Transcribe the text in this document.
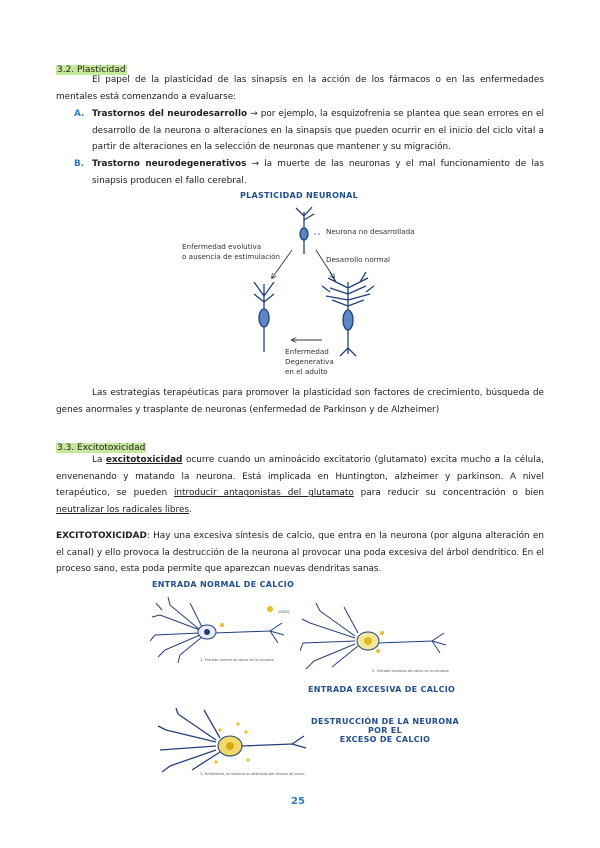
3.2. Plasticidad
El papel de la plasticidad de las sinapsis en la acción de los fármacos o en las enfermedades mentales está comenzando a evaluarse:
A. Trastornos del neurodesarrollo → por ejemplo, la esquizofrenia se plantea que sean errores en el desarrollo de la neurona o alteraciones en la sinapsis que pueden ocurrir en el inicio del ciclo vital a partir de alteraciones en la selección de neuronas que mantener y su migración.
B. Trastorno neurodegenerativos → la muerte de las neuronas y el mal funcionamiento de las sinapsis producen el fallo cerebral.
PLASTICIDAD NEURONAL
Neurona no desarrollada
Enfermedad evolutiva
o ausencia de estimulación	Desarrollo normal
Enfermedad
Degenerativa
en el adulto
Las estrategias terapéuticas para promover la plasticidad son factores de crecimiento, búsqueda de genes anormales y trasplante de neuronas (enfermedad de Parkinson y de Alzheimer)
3.3. Excitotoxicidad
La excitotoxicidad ocurre cuando un aminoácido excitatorio (glutamato) excita mucho a la célula, envenenando y matando la neurona. Está implicada en Huntington, alzheimer y parkinson. A nivel terapéutico, se pueden introducir antagonistas del glutamato para reducir su concentración o bien neutralizar los radicales libres.
EXCITOTOXICIDAD: Hay una excesiva síntesis de calcio, que entra en la neurona (por alguna alteración en el canal) y ello provoca la destrucción de la neurona al provocar una poda excesiva del árbol dendrítico. En el proceso sano, esta poda permite que aparezcan nuevas dendritas sanas.
ENTRADA NORMAL DE CALCIO
calcio
1- Entrada normal de calcio en la neurona
2- Entrada excesiva de calcio en la neurona
ENTRADA EXCESIVA DE CALCIO
3- Finalmente, la neurona es destruida por exceso de calcio
DESTRUCCIÓN DE LA NEURONA POR EL
EXCESO DE CALCIO
25
